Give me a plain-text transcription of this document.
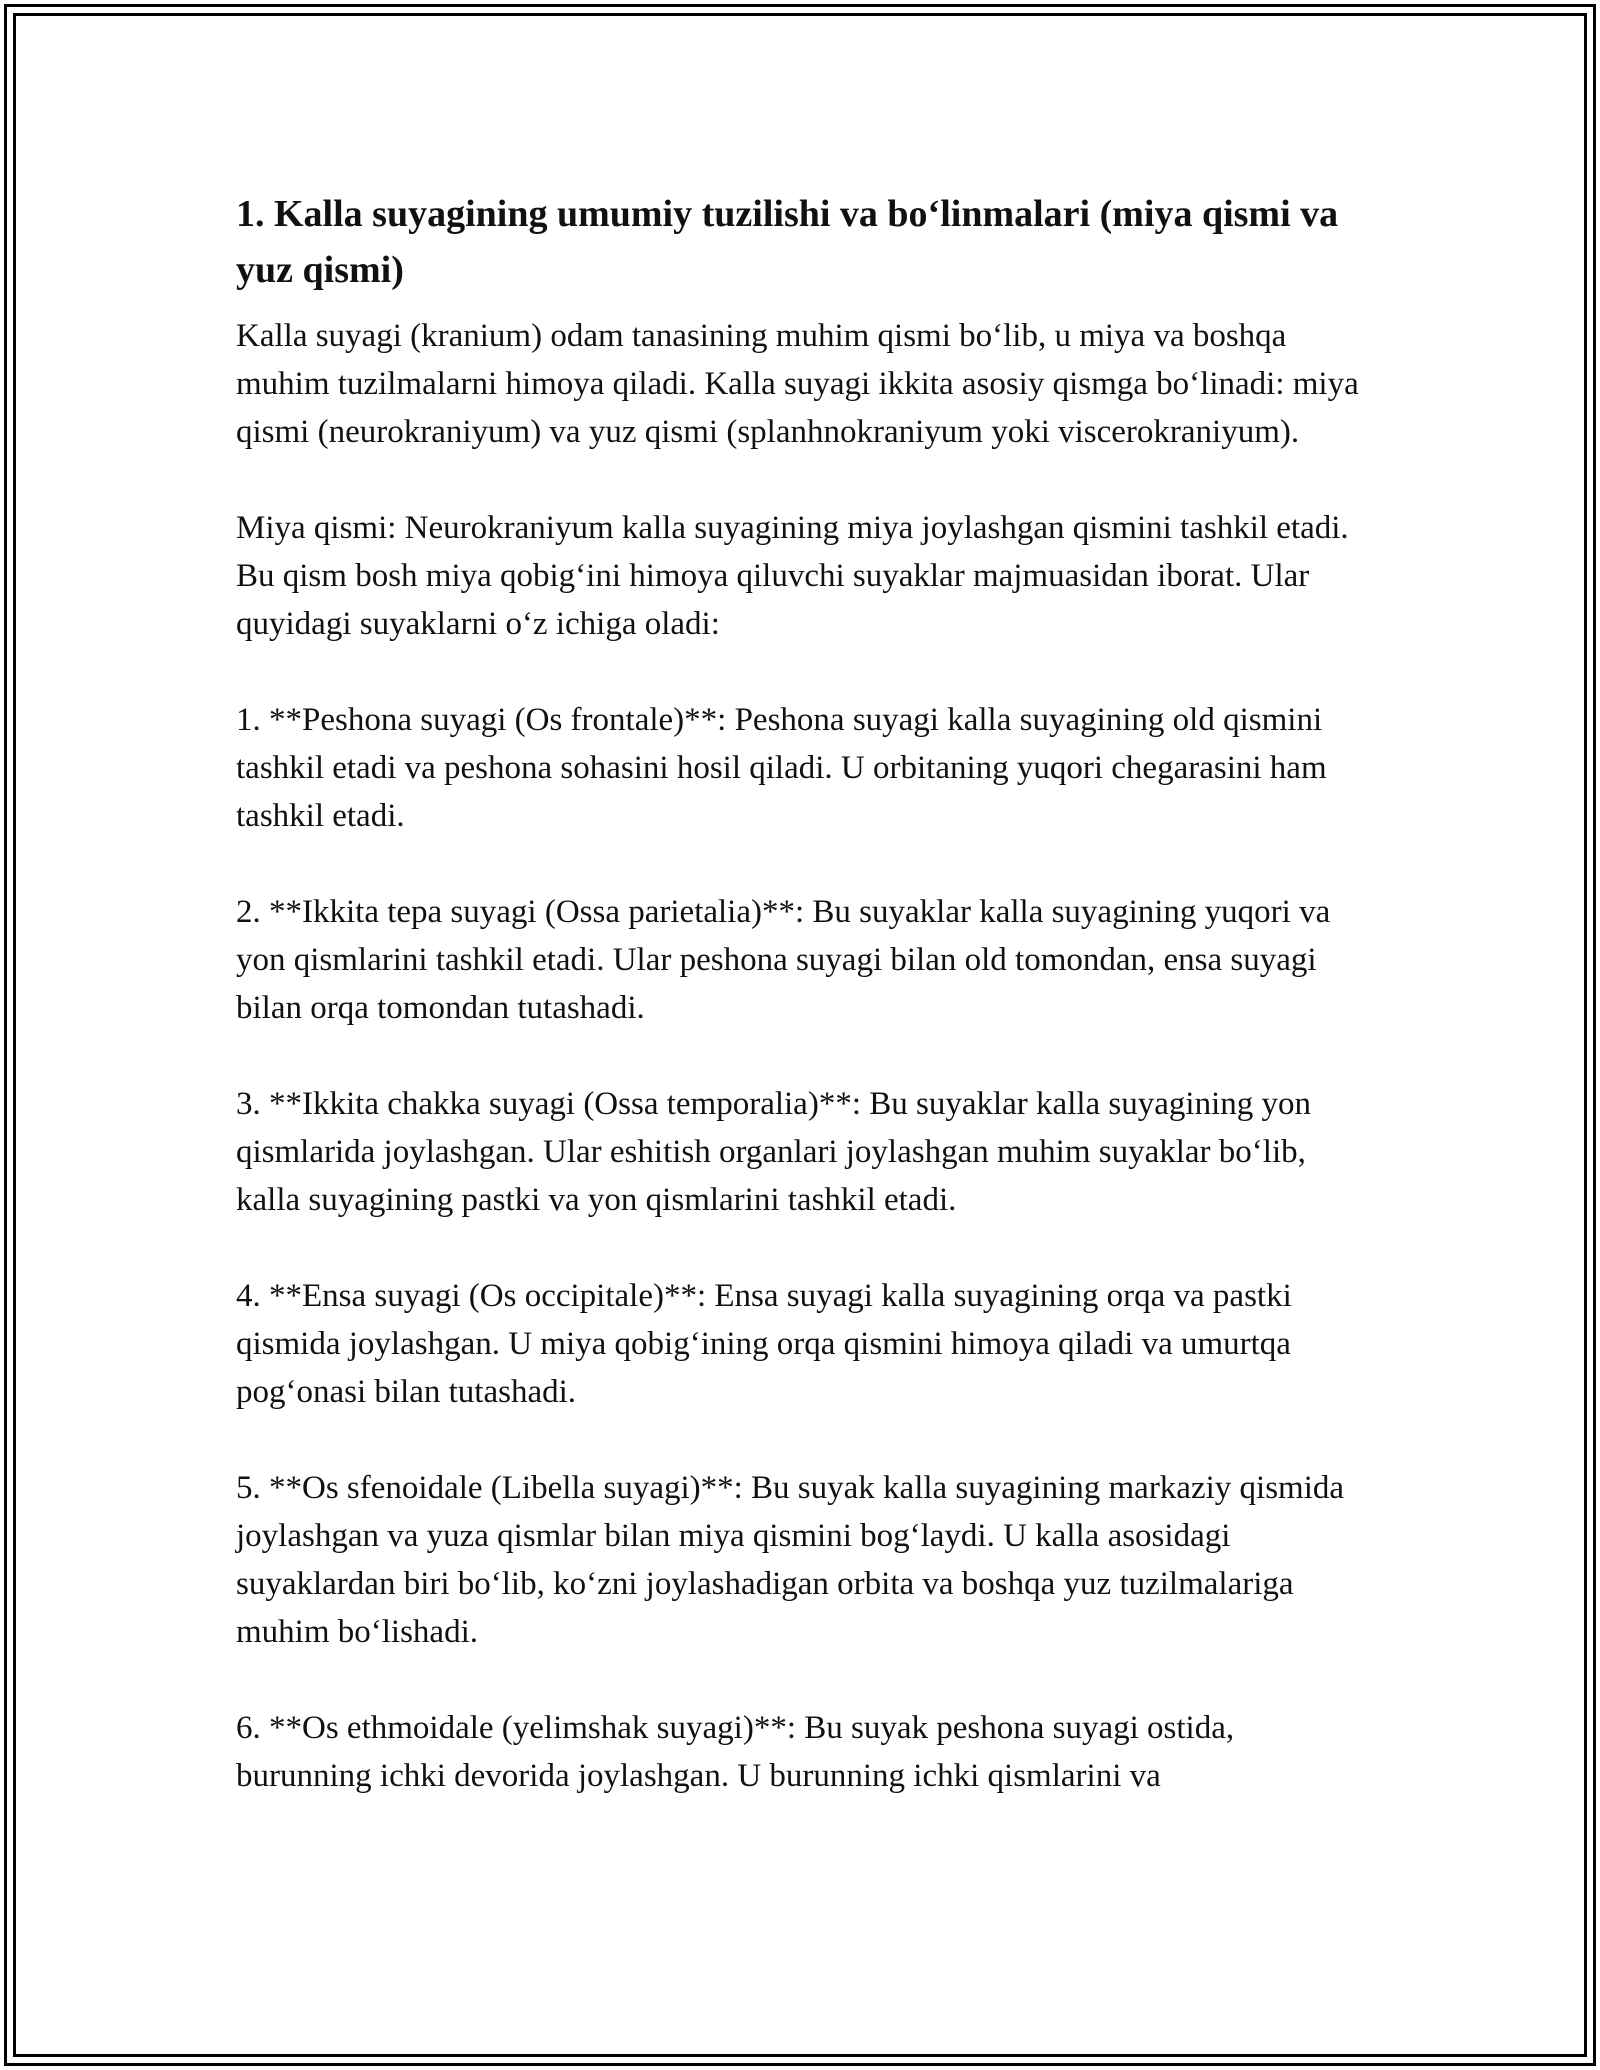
1. Kalla suyagining umumiy tuzilishi va bo‘linmalari (miya qismi va yuz qismi)

Kalla suyagi (kranium) odam tanasining muhim qismi bo‘lib, u miya va boshqa muhim tuzilmalarni himoya qiladi. Kalla suyagi ikkita asosiy qismga bo‘linadi: miya qismi (neurokraniyum) va yuz qismi (splanhnokraniyum yoki viscerokraniyum).

Miya qismi: Neurokraniyum kalla suyagining miya joylashgan qismini tashkil etadi. Bu qism bosh miya qobig‘ini himoya qiluvchi suyaklar majmuasidan iborat. Ular quyidagi suyaklarni o‘z ichiga oladi:

1. **Peshona suyagi (Os frontale)**: Peshona suyagi kalla suyagining old qismini tashkil etadi va peshona sohasini hosil qiladi. U orbitaning yuqori chegarasini ham tashkil etadi.

2. **Ikkita tepa suyagi (Ossa parietalia)**: Bu suyaklar kalla suyagining yuqori va yon qismlarini tashkil etadi. Ular peshona suyagi bilan old tomondan, ensa suyagi bilan orqa tomondan tutashadi.

3. **Ikkita chakka suyagi (Ossa temporalia)**: Bu suyaklar kalla suyagining yon qismlarida joylashgan. Ular eshitish organlari joylashgan muhim suyaklar bo‘lib, kalla suyagining pastki va yon qismlarini tashkil etadi.

4. **Ensa suyagi (Os occipitale)**: Ensa suyagi kalla suyagining orqa va pastki qismida joylashgan. U miya qobig‘ining orqa qismini himoya qiladi va umurtqa pog‘onasi bilan tutashadi.

5. **Os sfenoidale (Libella suyagi)**: Bu suyak kalla suyagining markaziy qismida joylashgan va yuza qismlar bilan miya qismini bog‘laydi. U kalla asosidagi suyaklardan biri bo‘lib, ko‘zni joylashadigan orbita va boshqa yuz tuzilmalariga muhim bo‘lishadi.

6. **Os ethmoidale (yelimshak suyagi)**: Bu suyak peshona suyagi ostida, burunning ichki devorida joylashgan. U burunning ichki qismlarini va
